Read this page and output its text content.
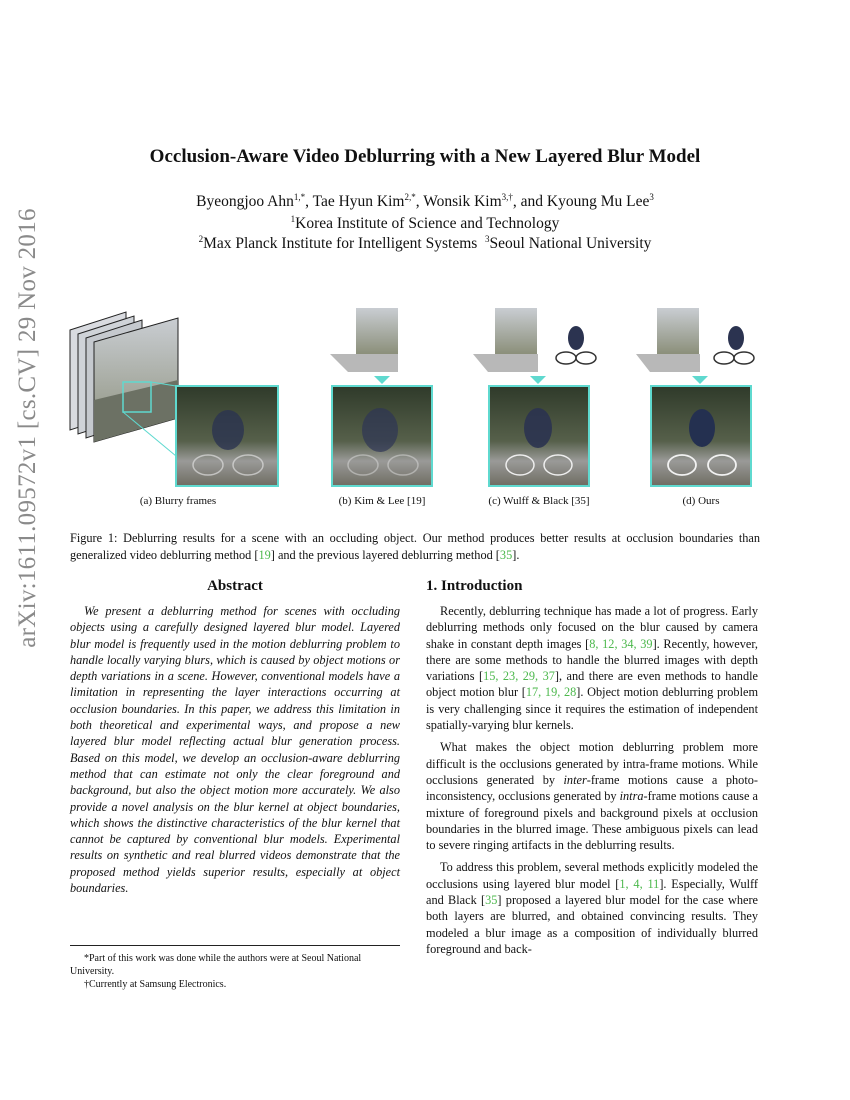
arXiv:1611.09572v1 [cs.CV] 29 Nov 2016
Occlusion-Aware Video Deblurring with a New Layered Blur Model
Byeongjoo Ahn$^{1,*}$, Tae Hyun Kim$^{2,*}$, Wonsik Kim$^{3,\dagger}$, and Kyoung Mu Lee$^3$
$^1$Korea Institute of Science and Technology
$^2$Max Planck Institute for Intelligent Systems $^3$Seoul National University
(a) Blurry frames	(b) Kim & Lee [19]	(c) Wulff & Black [35]	(d) Ours
Figure 1: Deblurring results for a scene with an occluding object. Our method produces better results at occlusion boundaries than generalized video deblurring method [19] and the previous layered deblurring method [35].
Abstract
We present a deblurring method for scenes with occluding objects using a carefully designed layered blur model. Layered blur model is frequently used in the motion deblurring problem to handle locally varying blurs, which is caused by object motions or depth variations in a scene. However, conventional models have a limitation in representing the layer interactions occurring at occlusion boundaries. In this paper, we address this limitation in both theoretical and experimental ways, and propose a new layered blur model reflecting actual blur generation process. Based on this model, we develop an occlusion-aware deblurring method that can estimate not only the clear foreground and background, but also the object motion more accurately. We also provide a novel analysis on the blur kernel at object boundaries, which shows the distinctive characteristics of the blur kernel that cannot be captured by conventional blur models. Experimental results on synthetic and real blurred videos demonstrate that the proposed method yields superior results, especially at object boundaries.
*Part of this work was done while the authors were at Seoul National University.
†Currently at Samsung Electronics.
1. Introduction
Recently, deblurring technique has made a lot of progress. Early deblurring methods only focused on the blur caused by camera shake in constant depth images [8, 12, 34, 39]. Recently, however, there are some methods to handle the blurred images with depth variations [15, 23, 29, 37], and there are even methods to handle object motion blur [17, 19, 28]. Object motion deblurring problem is very challenging since it requires the estimation of independent spatially-varying blur kernels.
What makes the object motion deblurring problem more difficult is the occlusions generated by intra-frame motions. While occlusions generated by inter-frame motions cause a photo-inconsistency, occlusions generated by intra-frame motions cause a mixture of foreground pixels and background pixels at occlusion boundaries in the blurred image. These ambiguous pixels can lead to severe ringing artifacts in the deblurring results.
To address this problem, several methods explicitly modeled the occlusions using layered blur model [1, 4, 11]. Especially, Wulff and Black [35] proposed a layered blur model for the case where both layers are blurred, and obtained convincing results. They modeled a blur image as a composition of individually blurred foreground and back-
